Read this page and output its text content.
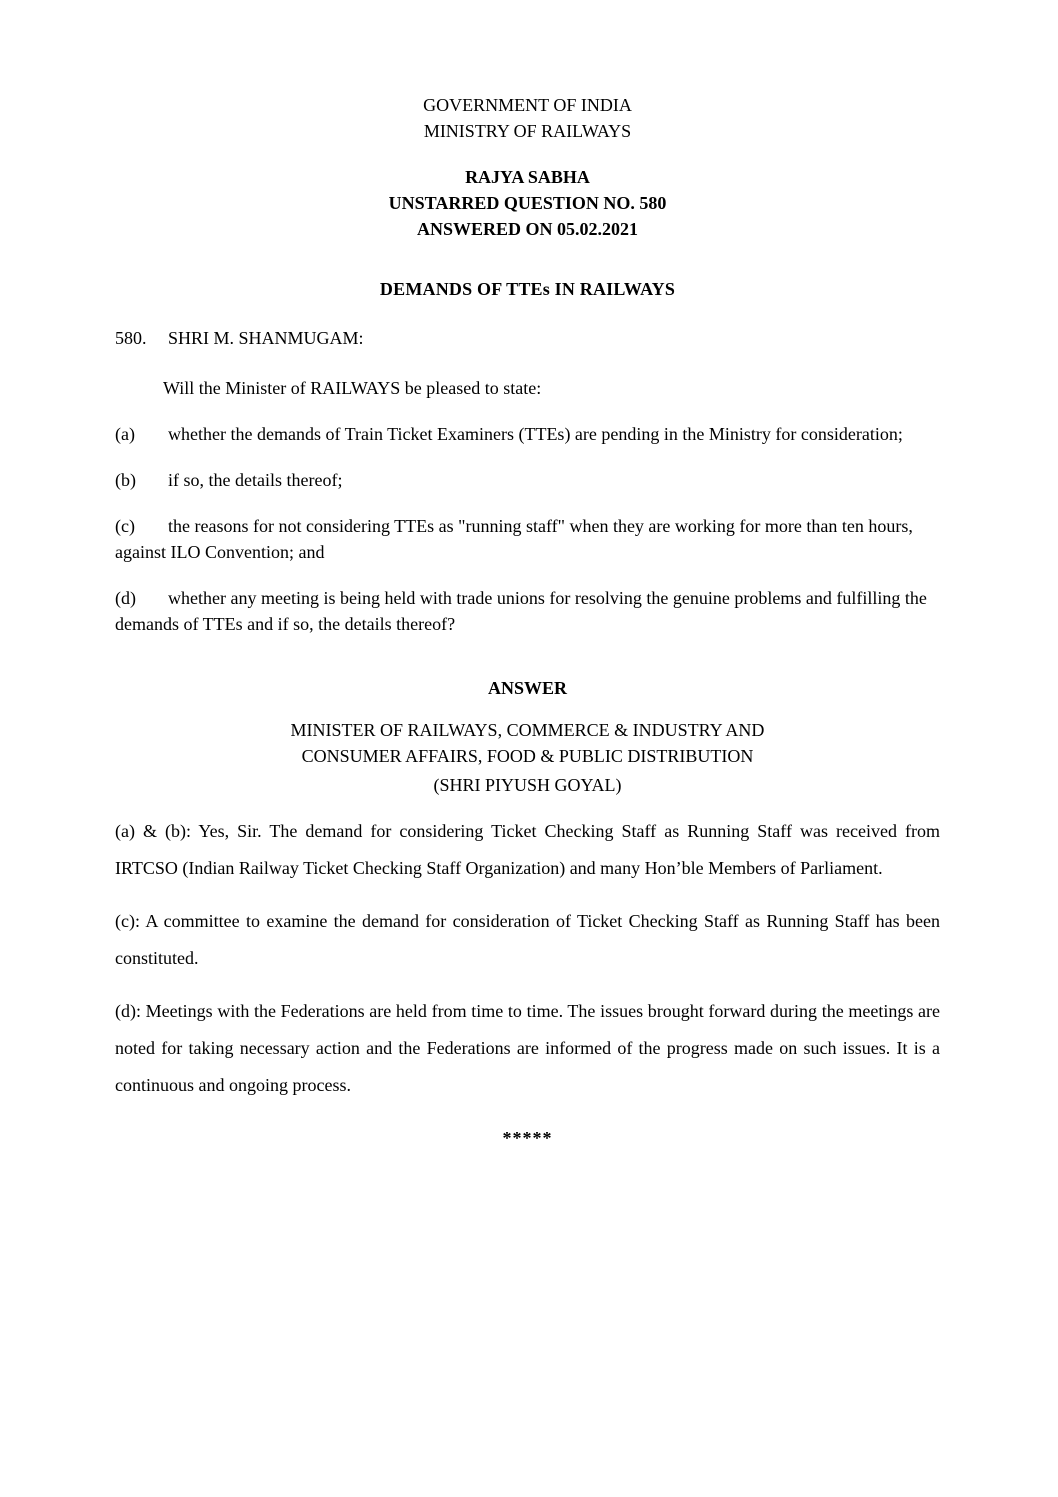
GOVERNMENT OF INDIA
MINISTRY OF RAILWAYS
RAJYA SABHA
UNSTARRED QUESTION NO. 580
ANSWERED ON 05.02.2021
DEMANDS OF TTEs IN RAILWAYS
580. SHRI M. SHANMUGAM:
Will the Minister of RAILWAYS be pleased to state:
(a) whether the demands of Train Ticket Examiners (TTEs) are pending in the Ministry for consideration;
(b) if so, the details thereof;
(c) the reasons for not considering TTEs as "running staff" when they are working for more than ten hours, against ILO Convention; and
(d) whether any meeting is being held with trade unions for resolving the genuine problems and fulfilling the demands of TTEs and if so, the details thereof?
ANSWER
MINISTER OF RAILWAYS, COMMERCE & INDUSTRY AND
CONSUMER AFFAIRS, FOOD & PUBLIC DISTRIBUTION
(SHRI PIYUSH GOYAL)

(a) & (b): Yes, Sir. The demand for considering Ticket Checking Staff as Running Staff was received from IRTCSO (Indian Railway Ticket Checking Staff Organization) and many Hon’ble Members of Parliament.

(c): A committee to examine the demand for consideration of Ticket Checking Staff as Running Staff has been constituted.

(d): Meetings with the Federations are held from time to time. The issues brought forward during the meetings are noted for taking necessary action and the Federations are informed of the progress made on such issues. It is a continuous and ongoing process.

*****
